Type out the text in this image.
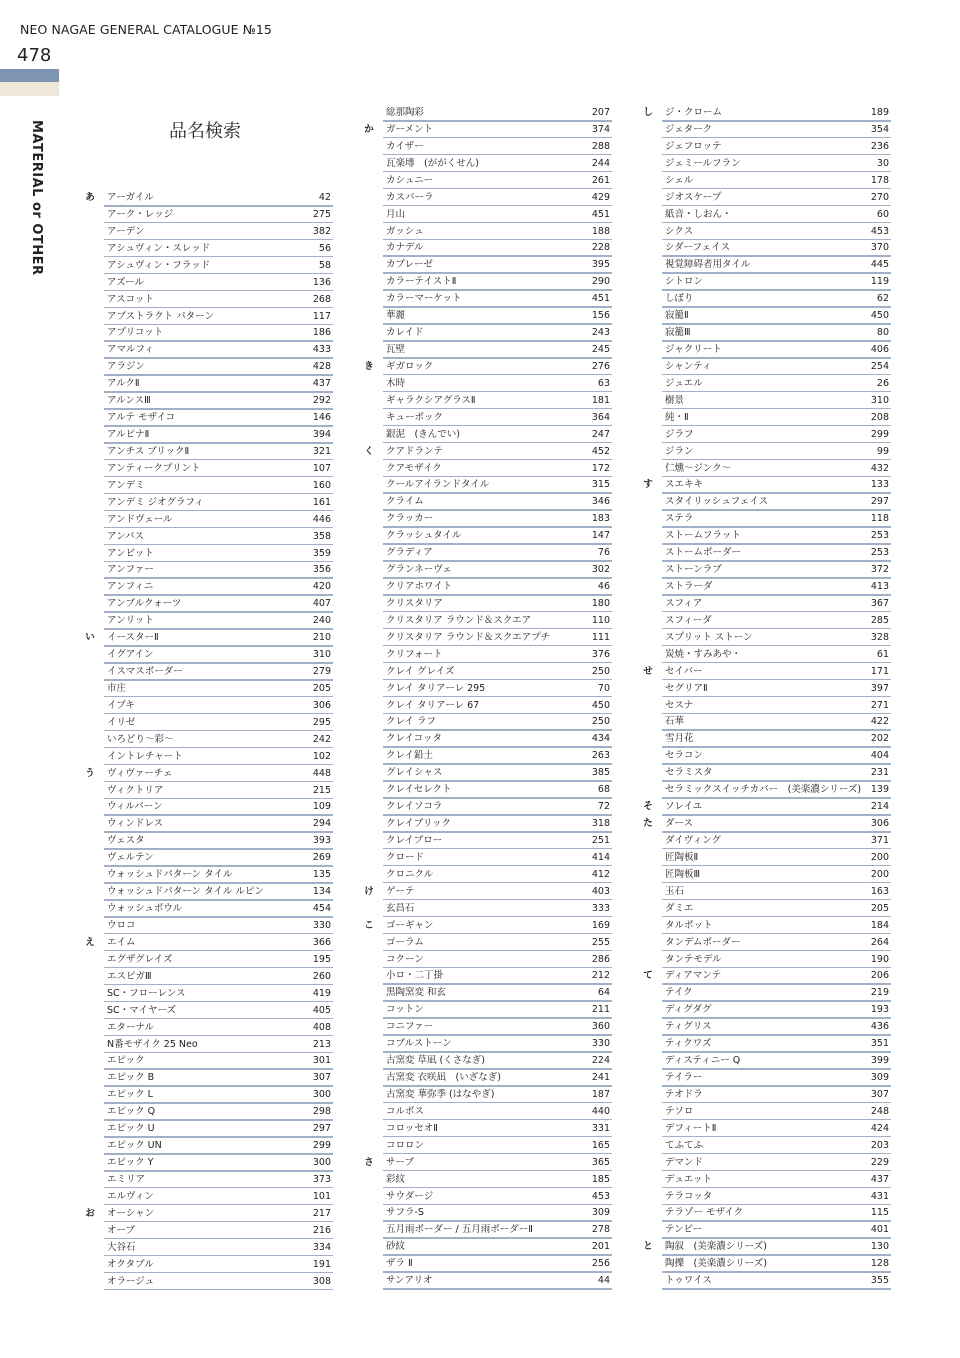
NEO NAGAE GENERAL CATALOGUE №15
478
MATERIAL or OTHER	品名検索
あ アーガイル	42
アーク・レッジ	275
アーデン	382
アシュヴィン・スレッド	56
アシュヴィン・フラッド	58
アズール	136
アスコット	268
アブストラクト パターン	117
アプリコット	186
アマルフィ	433
アラジン	428
アルクⅡ	437
アルンスⅢ	292
アルテ モザイコ	146
アルピナⅡ	394
アンチス ブリックⅡ	321
アンティークプリント	107
アンデミ	160
アンデミ ジオグラフィ	161
アンドヴェール	446
アンバス	358
アンビット	359
アンファー	356
アンフィニ	420
アンブルクォーツ	407
アンリット	240
い イースターⅡ	210
イグアイン	310
イスマスボーダー	279
市庄	205
イブキ	306
イリゼ	295
いろどり～彩～	242
イントレチャート	102
う ヴィヴァーチェ	448
ヴィクトリア	215
ウィルバーン	109
ウィンドレス	294
ヴェスタ	393
ヴェルテン	269
ウォッシュドパターン タイル	135
ウォッシュドパターン タイル ルピン	134
ウォッシュボウル	454
ウロコ	330
え エイム	366
エグザグレイズ	195
エスピガⅢ	260
SC・フローレンス	419
SC・マイヤーズ	405
エターナル	408
N番モザイク 25 Neo	213
エピック	301
エピック B	307
エピック L	300
エピック Q	298
エピック U	297
エピック UN	299
エピック Y	300
エミリア	373
エルヴィン	101
お オーシャン	217
オーブ	216
大谷石	334
オクタブル	191
オラージュ	308
総那陶彩	207
か ガーメント	374
カイザー	288
瓦楽塼　(ががくせん)	244
カシュニー	261
カスパーラ	429
月山	451
ガッシュ	188
カナデル	228
カプレーゼ	395
カラーテイストⅡ	290
カラーマーケット	451
華麗	156
カレイド	243
瓦壁	245
き ギガロック	276
木時	63
ギャラクシアグラスⅡ	181
キューボック	364
銀泥　(きんでい)	247
く クアドランテ	452
クアモザイク	172
クールアイランドタイル	315
クライム	346
クラッカー	183
クラッシュタイル	147
グラディア	76
グランネーヴェ	302
クリアホワイト	46
クリスタリア	180
クリスタリア ラウンド＆スクエア	110
クリスタリア ラウンド＆スクエアプチ	111
クリフォート	376
クレイ グレイズ	250
クレイ タリアーレ 295	70
クレイ タリアーレ 67	450
クレイ ラフ	250
クレイコッタ	434
クレイ鉛土	263
グレイシャス	385
クレイセレクト	68
クレイソコラ	72
クレイブリック	318
クレイブロー	251
クロード	414
クロニクル	412
け ゲーテ	403
玄昌石	333
こ ゴーギャン	169
ゴーラム	255
コクーン	286
小ロ・二丁掛	212
黒陶窯変 和玄	64
コットン	211
コニファー	360
コブルストーン	330
古窯変 草凪 (くさなぎ)	224
古窯変 衣咲凪　(いざなぎ)	241
古窯変 華弥季 (はなやぎ)	187
コルボス	440
コロッセオⅡ	331
コロロン	165
さ サーブ	365
彩紋	185
サウダージ	453
サフラ-S	309
五月雨ボーダー / 五月雨ボーダーⅡ	278
砂紋	201
ザラ Ⅱ	256
サンアリオ	44
し ジ・クローム	189
ジェターク	354
ジェフロッテ	236
ジェミールフラン	30
シェル	178
ジオスケープ	270
紙音・しおん・	60
シクス	453
シダーフェイス	370
視覚障碍者用タイル	445
シトロン	119
しぼり	62
寂籠Ⅱ	450
寂籠Ⅲ	80
ジャクリート	406
シャンティ	254
ジュエル	26
樹景	310
純・Ⅱ	208
ジラフ	299
ジラン	99
仁燻～ジンク～	432
す スエキキ	133
スタイリッシュフェイス	297
ステラ	118
ストームフラット	253
ストームボーダー	253
ストーンラブ	372
ストラーダ	413
スフィア	367
スフィーダ	285
スプリット ストーン	328
炭焼・すみあや・	61
せ セイバー	171
セグリアⅡ	397
セスナ	271
石華	422
雪月花	202
セラコン	404
セラミスタ	231
セラミックスイッチカバー　(美楽濃シリーズ)	139
そ ソレイユ	214
た ダース	306
ダイヴィング	371
匠陶板Ⅱ	200
匠陶板Ⅲ	200
玉石	163
ダミエ	205
タルボット	184
タンデムボーダー	264
タンテモデル	190
て ディアマンテ	206
テイク	219
ディグダグ	193
ティグリス	436
ティクワズ	351
ディスティニー Q	399
テイラー	309
テオドラ	307
テソロ	248
デフィートⅡ	424
てふてふ	203
デマンド	229
デュエット	437
テラコッタ	431
テラゾー モザイク	115
テンビー	401
と 陶叙　(美楽濃シリーズ)	130
陶擽　(美楽濃シリーズ)	128
トゥワイス	355
